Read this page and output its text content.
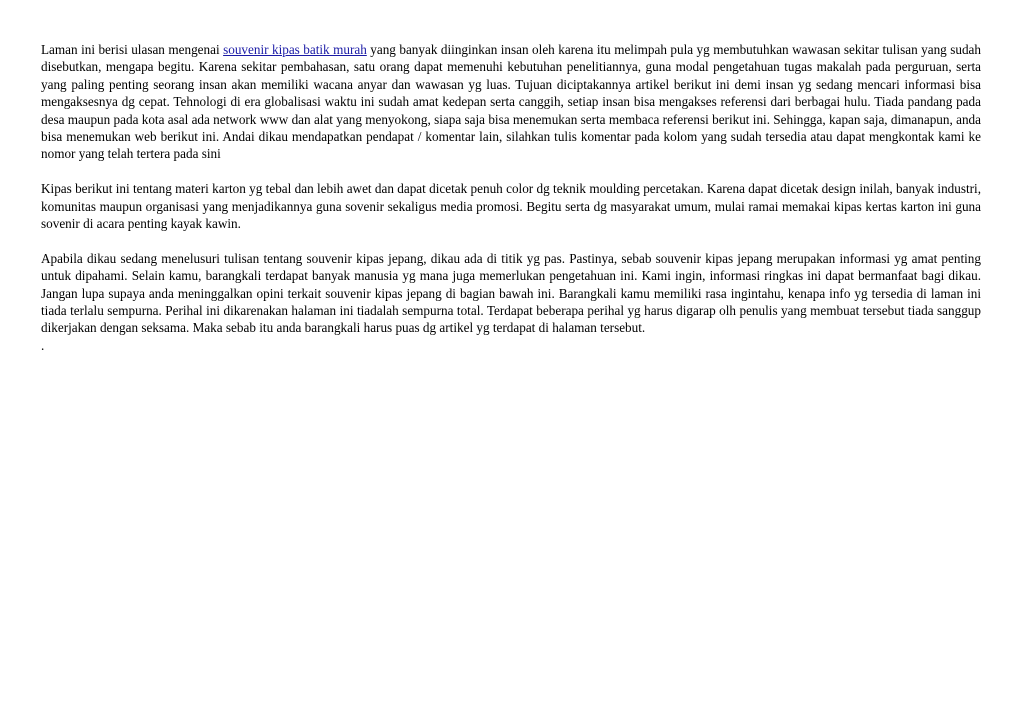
Laman ini berisi ulasan mengenai souvenir kipas batik murah yang banyak diinginkan insan oleh karena itu melimpah pula yg membutuhkan wawasan sekitar tulisan yang sudah disebutkan, mengapa begitu. Karena sekitar pembahasan, satu orang dapat memenuhi kebutuhan penelitiannya, guna modal pengetahuan tugas makalah pada perguruan, serta yang paling penting seorang insan akan memiliki wacana anyar dan wawasan yg luas. Tujuan diciptakannya artikel berikut ini demi insan yg sedang mencari informasi bisa mengaksesnya dg cepat. Tehnologi di era globalisasi waktu ini sudah amat kedepan serta canggih, setiap insan bisa mengakses referensi dari berbagai hulu. Tiada pandang pada desa maupun pada kota asal ada network www dan alat yang menyokong, siapa saja bisa menemukan serta membaca referensi berikut ini. Sehingga, kapan saja, dimanapun, anda bisa menemukan web berikut ini. Andai dikau mendapatkan pendapat / komentar lain, silahkan tulis komentar pada kolom yang sudah tersedia atau dapat mengkontak kami ke nomor yang telah tertera pada sini

Kipas berikut ini tentang materi karton yg tebal dan lebih awet dan dapat dicetak penuh color dg teknik moulding percetakan. Karena dapat dicetak design inilah, banyak industri, komunitas maupun organisasi yang menjadikannya guna sovenir sekaligus media promosi. Begitu serta dg masyarakat umum, mulai ramai memakai kipas kertas karton ini guna sovenir di acara penting kayak kawin.

Apabila dikau sedang menelusuri tulisan tentang souvenir kipas jepang, dikau ada di titik yg pas. Pastinya, sebab souvenir kipas jepang merupakan informasi yg amat penting untuk dipahami. Selain kamu, barangkali terdapat banyak manusia yg mana juga memerlukan pengetahuan ini. Kami ingin, informasi ringkas ini dapat bermanfaat bagi dikau. Jangan lupa supaya anda meninggalkan opini terkait souvenir kipas jepang di bagian bawah ini. Barangkali kamu memiliki rasa ingintahu, kenapa info yg tersedia di laman ini tiada terlalu sempurna. Perihal ini dikarenakan halaman ini tiadalah sempurna total. Terdapat beberapa perihal yg harus digarap olh penulis yang membuat tersebut tiada sanggup dikerjakan dengan seksama. Maka sebab itu anda barangkali harus puas dg artikel yg terdapat di halaman tersebut.

.
